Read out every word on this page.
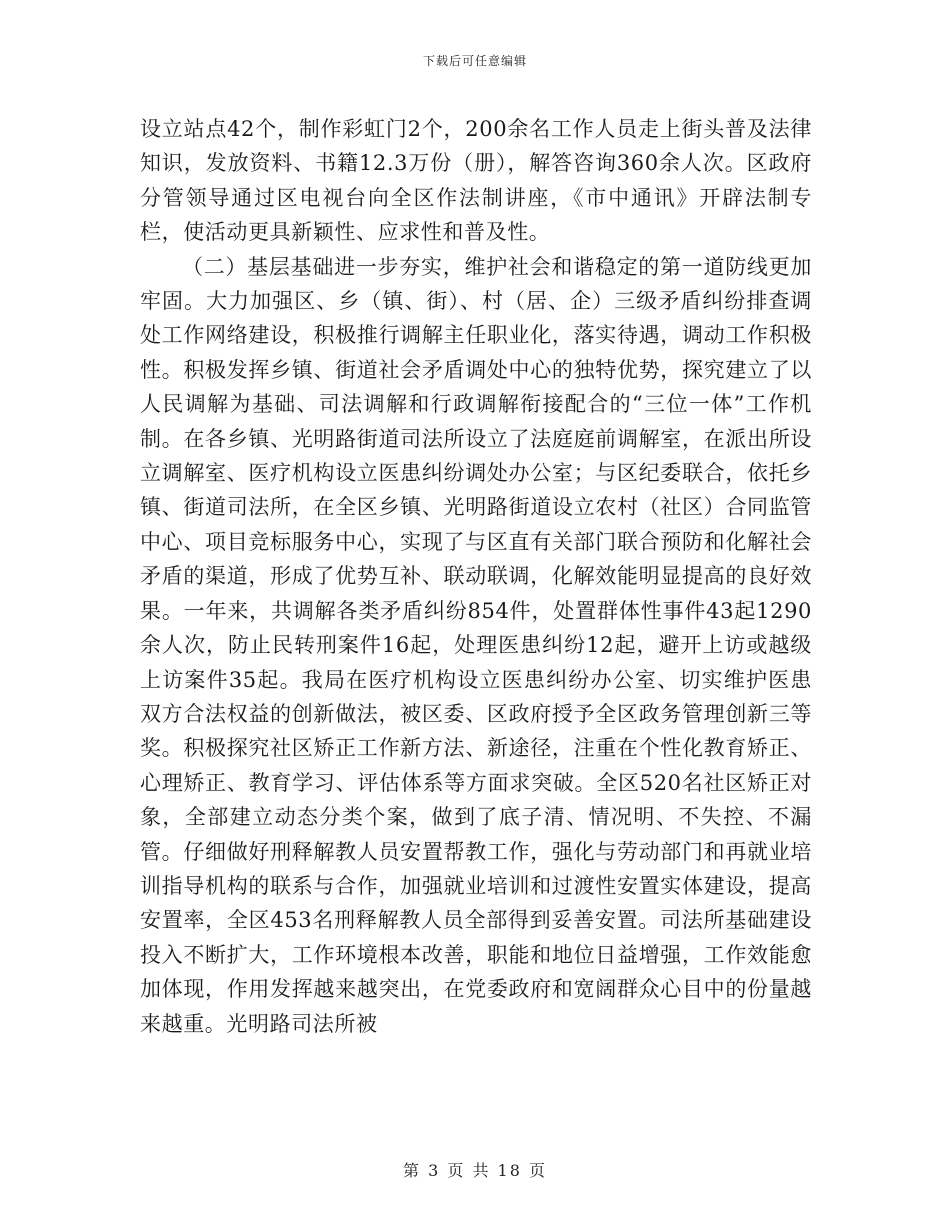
下载后可任意编辑

设立站点42个，制作彩虹门2个，200余名工作人员走上街头普及法律知识，发放资料、书籍12.3万份（册），解答咨询360余人次。区政府分管领导通过区电视台向全区作法制讲座，《市中通讯》开辟法制专栏，使活动更具新颖性、应求性和普及性。

（二）基层基础进一步夯实，维护社会和谐稳定的第一道防线更加牢固。大力加强区、乡（镇、街）、村（居、企）三级矛盾纠纷排查调处工作网络建设，积极推行调解主任职业化，落实待遇，调动工作积极性。积极发挥乡镇、街道社会矛盾调处中心的独特优势，探究建立了以人民调解为基础、司法调解和行政调解衔接配合的“三位一体”工作机制。在各乡镇、光明路街道司法所设立了法庭庭前调解室，在派出所设立调解室、医疗机构设立医患纠纷调处办公室；与区纪委联合，依托乡镇、街道司法所，在全区乡镇、光明路街道设立农村（社区）合同监管中心、项目竞标服务中心，实现了与区直有关部门联合预防和化解社会矛盾的渠道，形成了优势互补、联动联调，化解效能明显提高的良好效果。一年来，共调解各类矛盾纠纷854件，处置群体性事件43起1290余人次，防止民转刑案件16起，处理医患纠纷12起，避开上访或越级上访案件35起。我局在医疗机构设立医患纠纷办公室、切实维护医患双方合法权益的创新做法，被区委、区政府授予全区政务管理创新三等奖。积极探究社区矫正工作新方法、新途径，注重在个性化教育矫正、心理矫正、教育学习、评估体系等方面求突破。全区520名社区矫正对象，全部建立动态分类个案，做到了底子清、情况明、不失控、不漏管。仔细做好刑释解教人员安置帮教工作，强化与劳动部门和再就业培训指导机构的联系与合作，加强就业培训和过渡性安置实体建设，提高安置率，全区453名刑释解教人员全部得到妥善安置。司法所基础建设投入不断扩大，工作环境根本改善，职能和地位日益增强，工作效能愈加体现，作用发挥越来越突出，在党委政府和宽阔群众心目中的份量越来越重。光明路司法所被

第 3 页 共 18 页
